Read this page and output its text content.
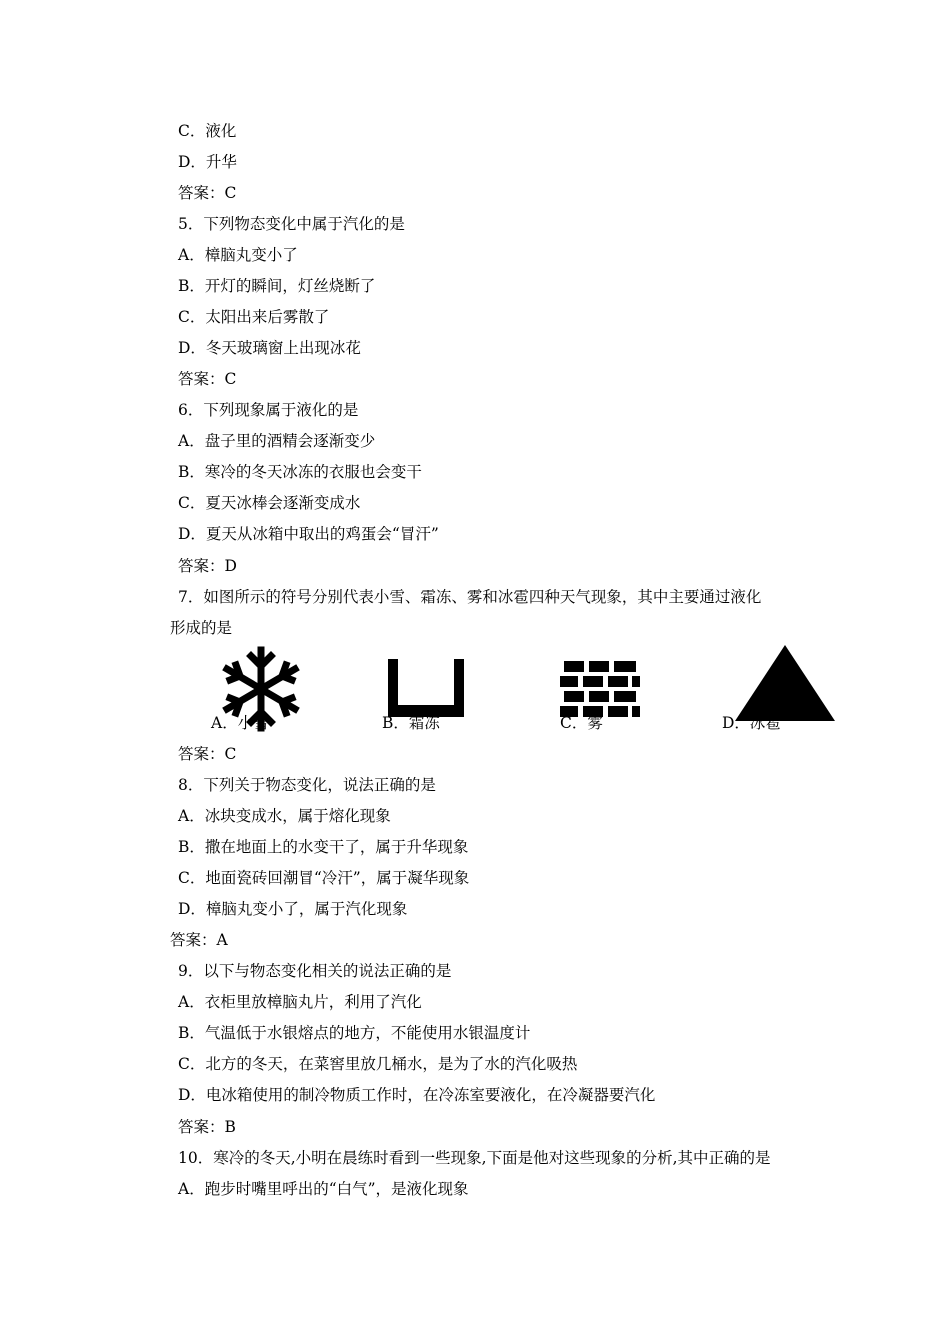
C．液化
D．升华
答案：C
5．下列物态变化中属于汽化的是
A．樟脑丸变小了
B．开灯的瞬间，灯丝烧断了
C．太阳出来后雾散了
D．冬天玻璃窗上出现冰花
答案：C
6．下列现象属于液化的是
A．盘子里的酒精会逐渐变少
B．寒冷的冬天冰冻的衣服也会变干
C．夏天冰棒会逐渐变成水
D．夏天从冰箱中取出的鸡蛋会“冒汗”
答案：D
7．如图所示的符号分别代表小雪、霜冻、雾和冰雹四种天气现象，其中主要通过液化
形成的是
A．小雪	B．霜冻	C．雾	D．冰雹
答案：C
8．下列关于物态变化，说法正确的是
A．冰块变成水，属于熔化现象
B．撒在地面上的水变干了，属于升华现象
C．地面瓷砖回潮冒“冷汗”，属于凝华现象
D．樟脑丸变小了，属于汽化现象
答案：A
9．以下与物态变化相关的说法正确的是
A．衣柜里放樟脑丸片，利用了汽化
B．气温低于水银熔点的地方，不能使用水银温度计
C．北方的冬天，在菜窖里放几桶水，是为了水的汽化吸热
D．电冰箱使用的制冷物质工作时，在冷冻室要液化，在冷凝器要汽化
答案：B
10．寒冷的冬天,小明在晨练时看到一些现象,下面是他对这些现象的分析,其中正确的是
A．跑步时嘴里呼出的“白气”，是液化现象
